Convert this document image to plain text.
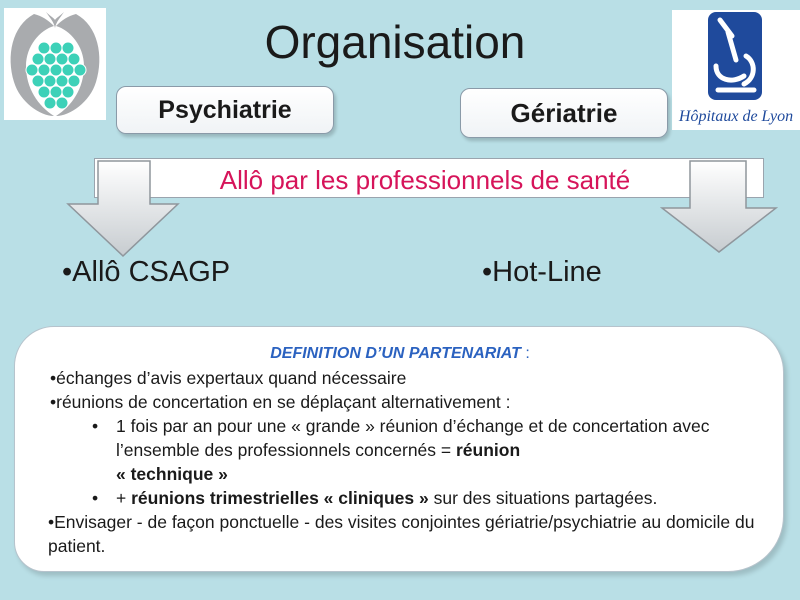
Organisation
Hôpitaux de Lyon
Psychiatrie	Gériatrie
Allô par les professionnels de santé
•Allô CSAGP	•Hot-Line
DEFINITION D’UN PARTENARIAT :
•échanges d’avis expertaux quand nécessaire
•réunions de concertation en se déplaçant alternativement :
• 1 fois par an pour une « grande » réunion d’échange et de concertation avec l’ensemble des professionnels concernés = réunion
« technique »
• + réunions trimestrielles « cliniques » sur des situations partagées.
•Envisager - de façon ponctuelle - des visites conjointes gériatrie/psychiatrie au domicile du patient.
